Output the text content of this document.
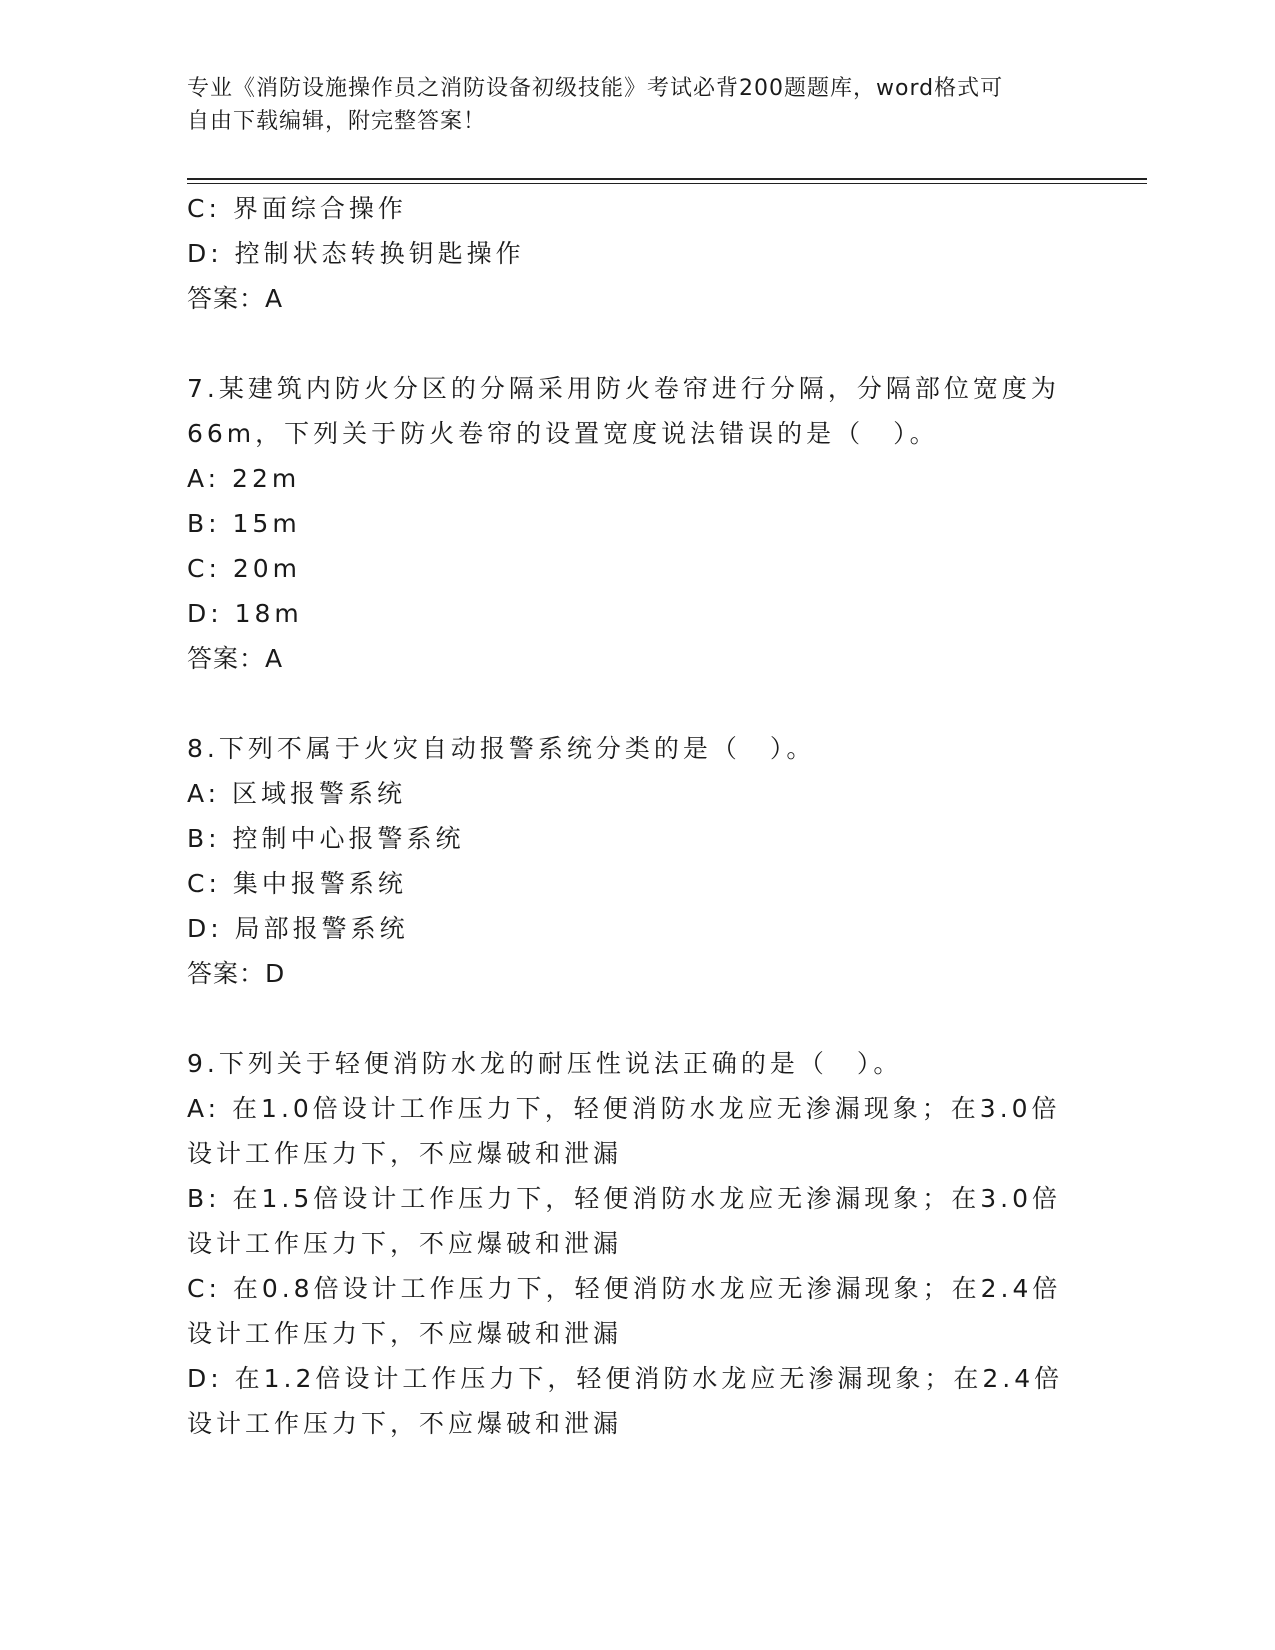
专业《消防设施操作员之消防设备初级技能》考试必背200题题库，word格式可
自由下载编辑，附完整答案！
C: 界面综合操作
D: 控制状态转换钥匙操作
答案：A
7.某建筑内防火分区的分隔采用防火卷帘进行分隔，分隔部位宽度为
66m，下列关于防火卷帘的设置宽度说法错误的是（　）。
A: 22m
B: 15m
C: 20m
D: 18m
答案：A
8.下列不属于火灾自动报警系统分类的是（　）。
A: 区域报警系统
B: 控制中心报警系统
C: 集中报警系统
D: 局部报警系统
答案：D
9.下列关于轻便消防水龙的耐压性说法正确的是（　）。
A: 在1.0倍设计工作压力下，轻便消防水龙应无渗漏现象；在3.0倍
设计工作压力下，不应爆破和泄漏
B: 在1.5倍设计工作压力下，轻便消防水龙应无渗漏现象；在3.0倍
设计工作压力下，不应爆破和泄漏
C: 在0.8倍设计工作压力下，轻便消防水龙应无渗漏现象；在2.4倍
设计工作压力下，不应爆破和泄漏
D: 在1.2倍设计工作压力下，轻便消防水龙应无渗漏现象；在2.4倍
设计工作压力下，不应爆破和泄漏
